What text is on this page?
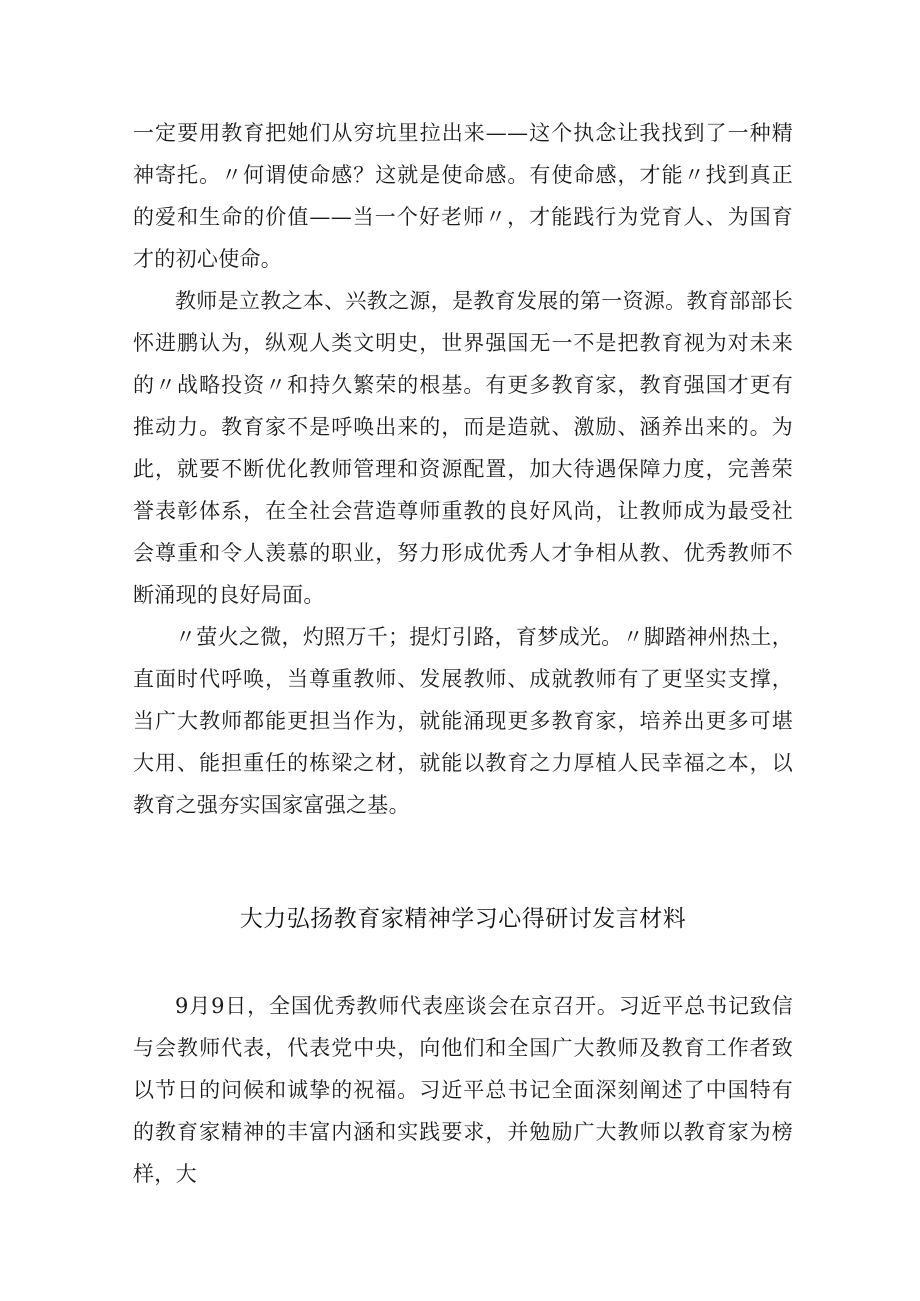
一定要用教育把她们从穷坑里拉出来——这个执念让我找到了一种精神寄托。〃何谓使命感？这就是使命感。有使命感，才能〃找到真正的爱和生命的价值——当一个好老师〃，才能践行为党育人、为国育才的初心使命。

教师是立教之本、兴教之源，是教育发展的第一资源。教育部部长怀进鹏认为，纵观人类文明史，世界强国无一不是把教育视为对未来的〃战略投资〃和持久繁荣的根基。有更多教育家，教育强国才更有推动力。教育家不是呼唤出来的，而是造就、激励、涵养出来的。为此，就要不断优化教师管理和资源配置，加大待遇保障力度，完善荣誉表彰体系，在全社会营造尊师重教的良好风尚，让教师成为最受社会尊重和令人羡慕的职业，努力形成优秀人才争相从教、优秀教师不断涌现的良好局面。

〃萤火之微，灼照万千；提灯引路，育梦成光。〃脚踏神州热土，直面时代呼唤，当尊重教师、发展教师、成就教师有了更坚实支撑，当广大教师都能更担当作为，就能涌现更多教育家，培养出更多可堪大用、能担重任的栋梁之材，就能以教育之力厚植人民幸福之本，以教育之强夯实国家富强之基。

大力弘扬教育家精神学习心得研讨发言材料

9月9日，全国优秀教师代表座谈会在京召开。习近平总书记致信与会教师代表，代表党中央，向他们和全国广大教师及教育工作者致以节日的问候和诚挚的祝福。习近平总书记全面深刻阐述了中国特有的教育家精神的丰富内涵和实践要求，并勉励广大教师以教育家为榜样，大
